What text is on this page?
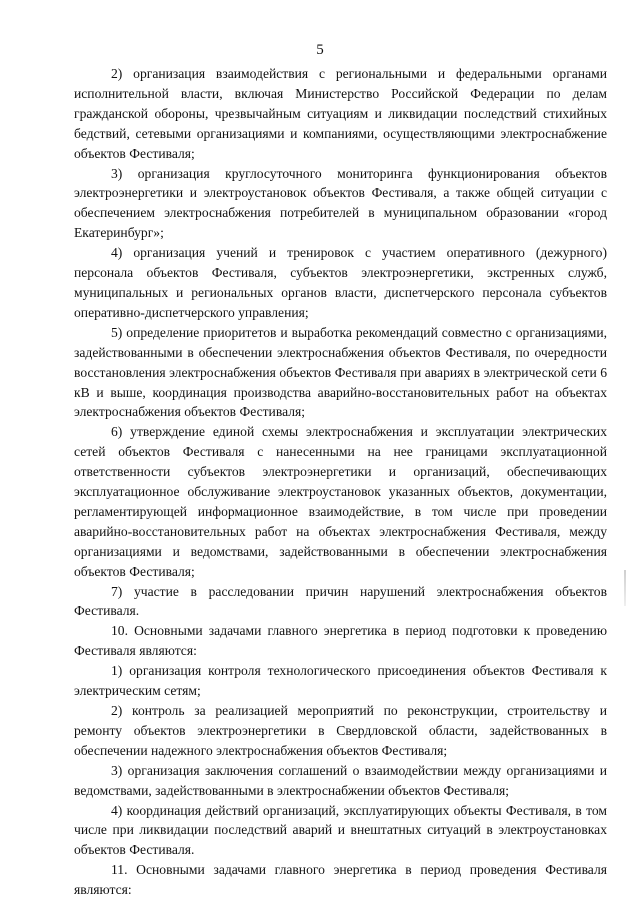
5

2) организация взаимодействия с региональными и федеральными органами исполнительной власти, включая Министерство Российской Федерации по делам гражданской обороны, чрезвычайным ситуациям и ликвидации последствий стихийных бедствий, сетевыми организациями и компаниями, осуществляющими электроснабжение объектов Фестиваля;

3) организация круглосуточного мониторинга функционирования объектов электроэнергетики и электроустановок объектов Фестиваля, а также общей ситуации с обеспечением электроснабжения потребителей в муниципальном образовании «город Екатеринбург»;

4) организация учений и тренировок с участием оперативного (дежурного) персонала объектов Фестиваля, субъектов электроэнергетики, экстренных служб, муниципальных и региональных органов власти, диспетчерского персонала субъектов оперативно-диспетчерского управления;

5) определение приоритетов и выработка рекомендаций совместно с организациями, задействованными в обеспечении электроснабжения объектов Фестиваля, по очередности восстановления электроснабжения объектов Фестиваля при авариях в электрической сети 6 кВ и выше, координация производства аварийно-восстановительных работ на объектах электроснабжения объектов Фестиваля;

6) утверждение единой схемы электроснабжения и эксплуатации электрических сетей объектов Фестиваля с нанесенными на нее границами эксплуатационной ответственности субъектов электроэнергетики и организаций, обеспечивающих эксплуатационное обслуживание электроустановок указанных объектов, документации, регламентирующей информационное взаимодействие, в том числе при проведении аварийно-восстановительных работ на объектах электроснабжения Фестиваля, между организациями и ведомствами, задействованными в обеспечении электроснабжения объектов Фестиваля;

7) участие в расследовании причин нарушений электроснабжения объектов Фестиваля.

10. Основными задачами главного энергетика в период подготовки к проведению Фестиваля являются:

1) организация контроля технологического присоединения объектов Фестиваля к электрическим сетям;

2) контроль за реализацией мероприятий по реконструкции, строительству и ремонту объектов электроэнергетики в Свердловской области, задействованных в обеспечении надежного электроснабжения объектов Фестиваля;

3) организация заключения соглашений о взаимодействии между организациями и ведомствами, задействованными в электроснабжении объектов Фестиваля;

4) координация действий организаций, эксплуатирующих объекты Фестиваля, в том числе при ликвидации последствий аварий и внештатных ситуаций в электроустановках объектов Фестиваля.

11. Основными задачами главного энергетика в период проведения Фестиваля являются:
